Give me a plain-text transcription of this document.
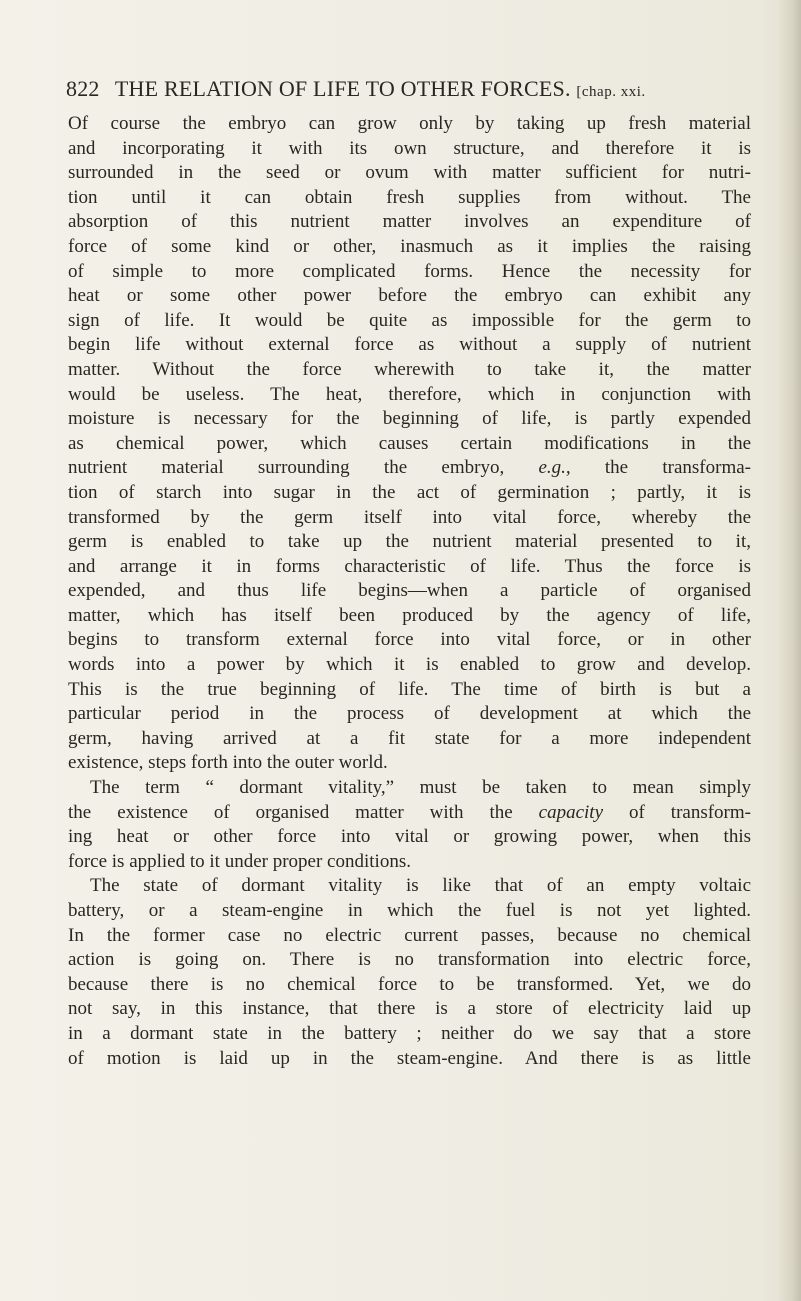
822 THE RELATION OF LIFE TO OTHER FORCES. [chap. xxi.

Of course the embryo can grow only by taking up fresh material

and incorporating it with its own structure, and therefore it is

surrounded in the seed or ovum with matter sufficient for nutri-

tion until it can obtain fresh supplies from without. The

absorption of this nutrient matter involves an expenditure of

force of some kind or other, inasmuch as it implies the raising

of simple to more complicated forms. Hence the necessity for

heat or some other power before the embryo can exhibit any

sign of life. It would be quite as impossible for the germ to

begin life without external force as without a supply of nutrient

matter. Without the force wherewith to take it, the matter

would be useless. The heat, therefore, which in conjunction with

moisture is necessary for the beginning of life, is partly expended

as chemical power, which causes certain modifications in the

nutrient material surrounding the embryo, e.g., the transforma-

tion of starch into sugar in the act of germination ; partly, it is

transformed by the germ itself into vital force, whereby the

germ is enabled to take up the nutrient material presented to it,

and arrange it in forms characteristic of life. Thus the force is

expended, and thus life begins—when a particle of organised

matter, which has itself been produced by the agency of life,

begins to transform external force into vital force, or in other

words into a power by which it is enabled to grow and develop.

This is the true beginning of life. The time of birth is but a

particular period in the process of development at which the

germ, having arrived at a fit state for a more independent

existence, steps forth into the outer world.

The term “ dormant vitality,” must be taken to mean simply

the existence of organised matter with the capacity of transform-

ing heat or other force into vital or growing power, when this

force is applied to it under proper conditions.

The state of dormant vitality is like that of an empty voltaic

battery, or a steam-engine in which the fuel is not yet lighted.

In the former case no electric current passes, because no chemical

action is going on. There is no transformation into electric force,

because there is no chemical force to be transformed. Yet, we do

not say, in this instance, that there is a store of electricity laid up

in a dormant state in the battery ; neither do we say that a store

of motion is laid up in the steam-engine. And there is as little
